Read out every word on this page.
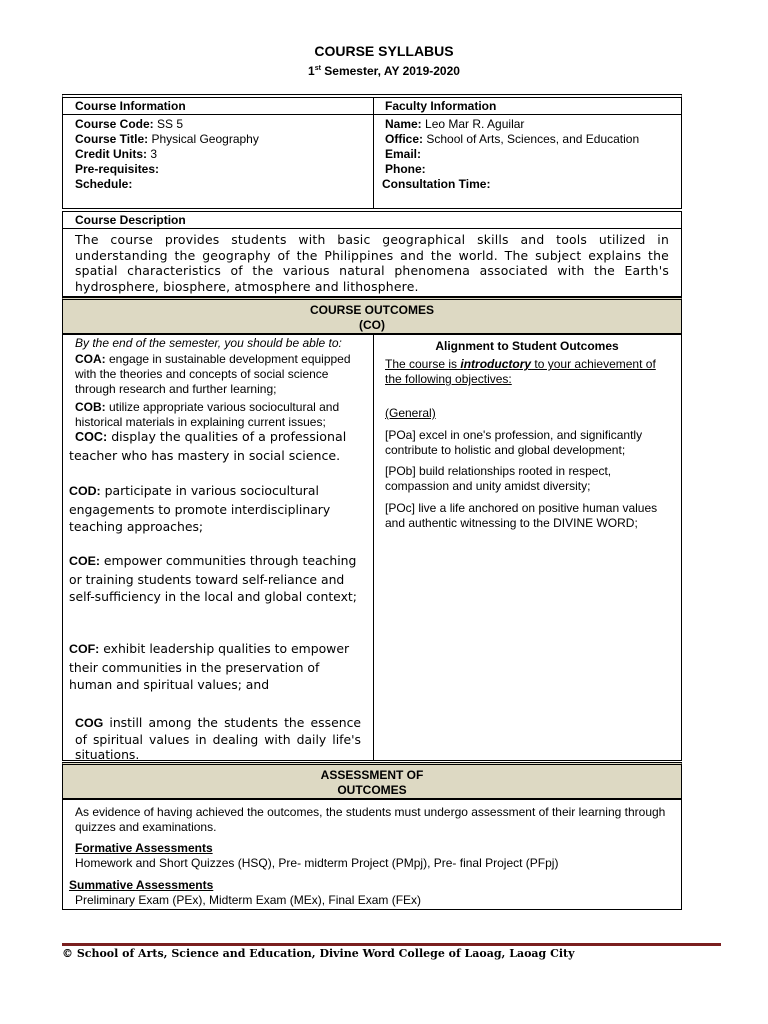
COURSE SYLLABUS
1st Semester, AY 2019-2020
Course Information
Course Code: SS 5
Course Title: Physical Geography
Credit Units: 3
Pre-requisites:
Schedule:
Faculty Information
Name: Leo Mar R. Aguilar
Office: School of Arts, Sciences, and Education
Email:
Phone:
Consultation Time:
Course Description
The course provides students with basic geographical skills and tools utilized in understanding the geography of the Philippines and the world. The subject explains the spatial characteristics of the various natural phenomena associated with the Earth's hydrosphere, biosphere, atmosphere and lithosphere.
COURSE OUTCOMES
(CO)
By the end of the semester, you should be able to:
COA: engage in sustainable development equipped with the theories and concepts of social science through research and further learning;
COB: utilize appropriate various sociocultural and historical materials in explaining current issues;
COC: display the qualities of a professional teacher who has mastery in social science.
COD: participate in various sociocultural engagements to promote interdisciplinary teaching approaches;
COE: empower communities through teaching or training students toward self-reliance and self-sufficiency in the local and global context;
COF: exhibit leadership qualities to empower their communities in the preservation of human and spiritual values; and
COG instill among the students the essence of spiritual values in dealing with daily life's situations.
Alignment to Student Outcomes
The course is introductory to your achievement of the following objectives:
(General)
[POa] excel in one's profession, and significantly contribute to holistic and global development;
[POb] build relationships rooted in respect, compassion and unity amidst diversity;
[POc] live a life anchored on positive human values and authentic witnessing to the DIVINE WORD;
ASSESSMENT OF
OUTCOMES
As evidence of having achieved the outcomes, the students must undergo assessment of their learning through quizzes and examinations.
Formative Assessments
Homework and Short Quizzes (HSQ), Pre- midterm Project (PMpj), Pre- final Project (PFpj)
Summative Assessments
Preliminary Exam (PEx), Midterm Exam (MEx), Final Exam (FEx)
© School of Arts, Science and Education, Divine Word College of Laoag, Laoag City
